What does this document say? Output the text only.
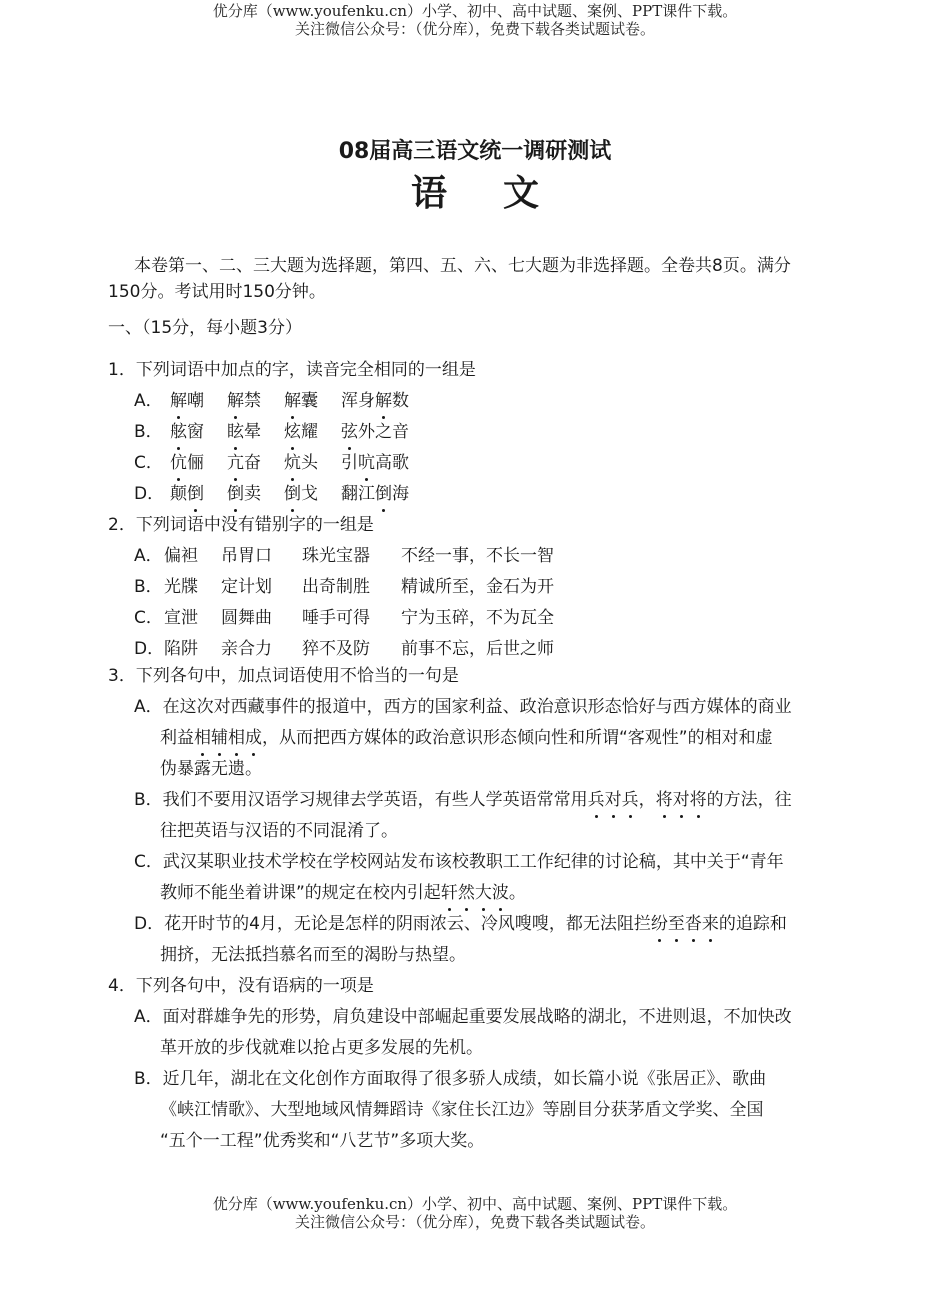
优分库（www.youfenku.cn）小学、初中、高中试题、案例、PPT课件下载。
关注微信公众号：（优分库），免费下载各类试题试卷。
08届高三语文统一调研测试
语 文
本卷第一、二、三大题为选择题，第四、五、六、七大题为非选择题。全卷共8页。满分
150分。考试用时150分钟。
一、（15分，每小题3分）
1．下列词语中加点的字，读音完全相同的一组是
A． 解嘲 解禁 解囊 浑身解数
B． 舷窗 眩晕 炫耀 弦外之音
C． 伉俪 亢奋 炕头 引吭高歌
D． 颠倒 倒卖 倒戈 翻江倒海
2．下列词语中没有错别字的一组是
A． 偏袒 吊胃口 珠光宝器 不经一事，不长一智
B． 光牒 定计划 出奇制胜 精诚所至，金石为开
C． 宣泄 圆舞曲 唾手可得 宁为玉碎，不为瓦全
D． 陷阱 亲合力 猝不及防 前事不忘，后世之师
3．下列各句中，加点词语使用不恰当的一句是
A．在这次对西藏事件的报道中，西方的国家利益、政治意识形态恰好与西方媒体的商业
利益相辅相成，从而把西方媒体的政治意识形态倾向性和所谓“客观性”的相对和虚
伪暴露无遗。
B．我们不要用汉语学习规律去学英语，有些人学英语常常用兵对兵，将对将的方法，往
往把英语与汉语的不同混淆了。
C．武汉某职业技术学校在学校网站发布该校教职工工作纪律的讨论稿，其中关于“青年
教师不能坐着讲课”的规定在校内引起轩然大波。
D．花开时节的4月，无论是怎样的阴雨浓云、冷风嗖嗖，都无法阻拦纷至沓来的追踪和
拥挤，无法抵挡慕名而至的渴盼与热望。
4．下列各句中，没有语病的一项是
A．面对群雄争先的形势，肩负建设中部崛起重要发展战略的湖北，不进则退，不加快改
革开放的步伐就难以抢占更多发展的先机。
B．近几年，湖北在文化创作方面取得了很多骄人成绩，如长篇小说《张居正》、歌曲
《峡江情歌》、大型地域风情舞蹈诗《家住长江边》等剧目分获茅盾文学奖、全国
“五个一工程”优秀奖和“八艺节”多项大奖。
优分库（www.youfenku.cn）小学、初中、高中试题、案例、PPT课件下载。
关注微信公众号：（优分库），免费下载各类试题试卷。
